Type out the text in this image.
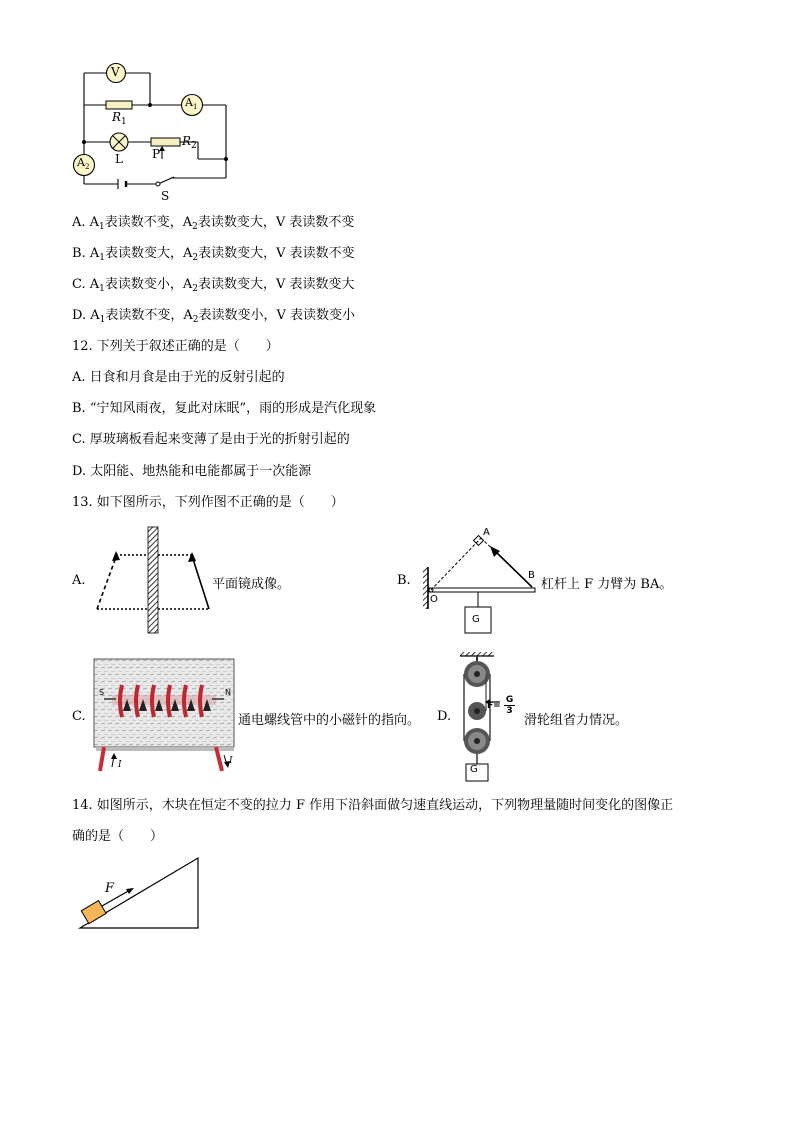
V
$A_1$
$A_2$
$R_1$
L P
$R_2$
S
A. $A_1$表读数不变，$A_2$表读数变大，V 表读数不变
B. $A_1$表读数变大，$A_2$表读数变大，V 表读数不变
C. $A_1$表读数变小，$A_2$表读数变大，V 表读数变大
D. $A_1$表读数不变，$A_2$表读数变小，V 表读数变小
12. 下列关于叙述正确的是（　　）
A. 日食和月食是由于光的反射引起的
B. “宁知风雨夜，复此对床眠”，雨的形成是汽化现象
C. 厚玻璃板看起来变薄了是由于光的折射引起的
D. 太阳能、地热能和电能都属于一次能源
13. 如下图所示，下列作图不正确的是（　　）
A.	平面镜成像。	B.
A
B
O
G
杠杆上 F 力臂为 BA。
C.
S	N
I	I
通电螺线管中的小磁针的指向。 D.
$F= \frac{G}{3}$
G
滑轮组省力情况。
14. 如图所示，木块在恒定不变的拉力 F 作用下沿斜面做匀速直线运动，下列物理量随时间变化的图像正
确的是（　　）
F
